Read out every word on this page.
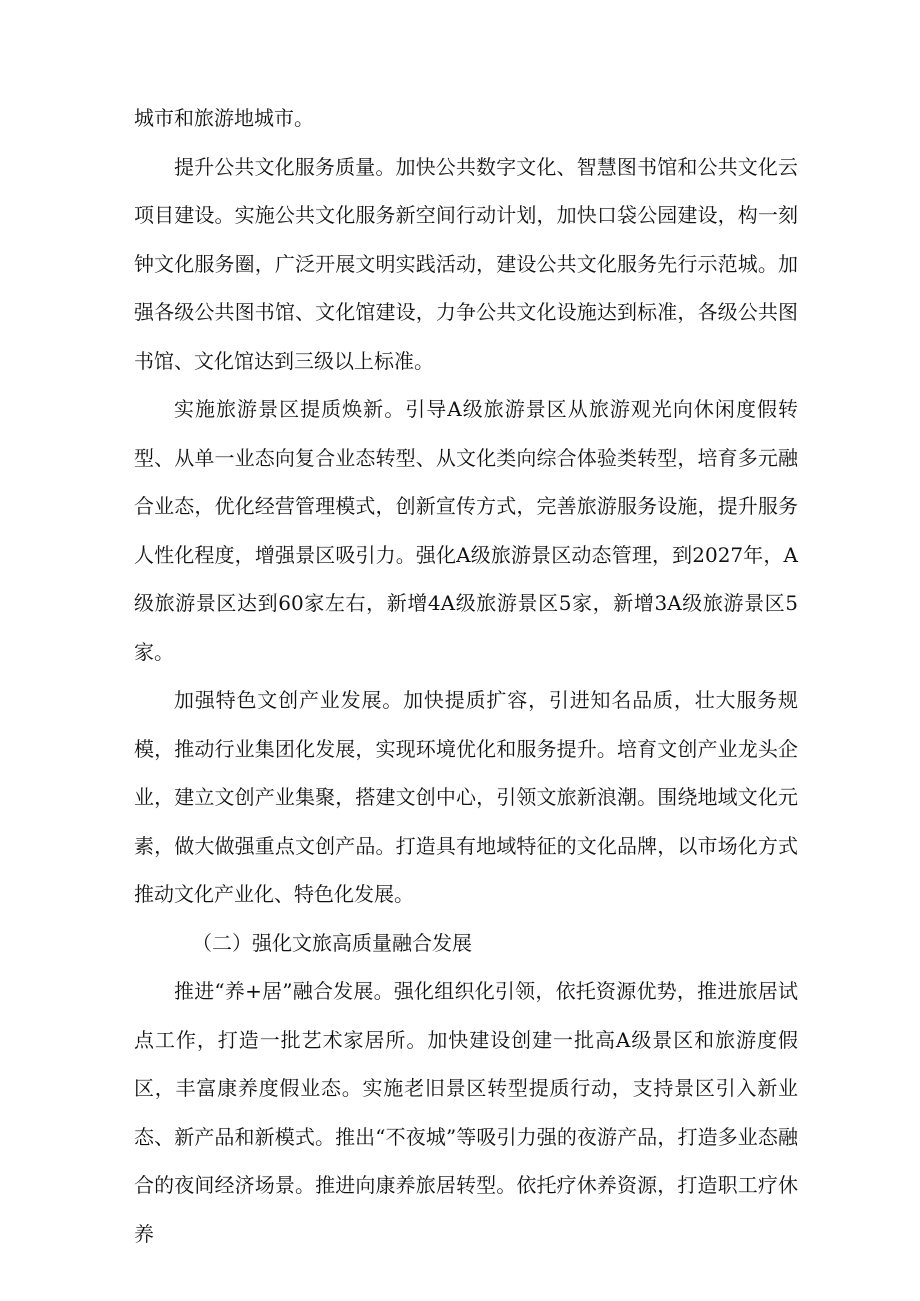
城市和旅游地城市。

提升公共文化服务质量。加快公共数字文化、智慧图书馆和公共文化云项目建设。实施公共文化服务新空间行动计划，加快口袋公园建设，构一刻钟文化服务圈，广泛开展文明实践活动，建设公共文化服务先行示范城。加强各级公共图书馆、文化馆建设，力争公共文化设施达到标准，各级公共图书馆、文化馆达到三级以上标准。

实施旅游景区提质焕新。引导A级旅游景区从旅游观光向休闲度假转型、从单一业态向复合业态转型、从文化类向综合体验类转型，培育多元融合业态，优化经营管理模式，创新宣传方式，完善旅游服务设施，提升服务人性化程度，增强景区吸引力。强化A级旅游景区动态管理，到2027年，A级旅游景区达到60家左右，新增4A级旅游景区5家，新增3A级旅游景区5家。

加强特色文创产业发展。加快提质扩容，引进知名品质，壮大服务规模，推动行业集团化发展，实现环境优化和服务提升。培育文创产业龙头企业，建立文创产业集聚，搭建文创中心，引领文旅新浪潮。围绕地域文化元素，做大做强重点文创产品。打造具有地域特征的文化品牌，以市场化方式推动文化产业化、特色化发展。

（二）强化文旅高质量融合发展

推进“养+居”融合发展。强化组织化引领，依托资源优势，推进旅居试点工作，打造一批艺术家居所。加快建设创建一批高A级景区和旅游度假区，丰富康养度假业态。实施老旧景区转型提质行动，支持景区引入新业态、新产品和新模式。推出“不夜城”等吸引力强的夜游产品，打造多业态融合的夜间经济场景。推进向康养旅居转型。依托疗休养资源，打造职工疗休养
